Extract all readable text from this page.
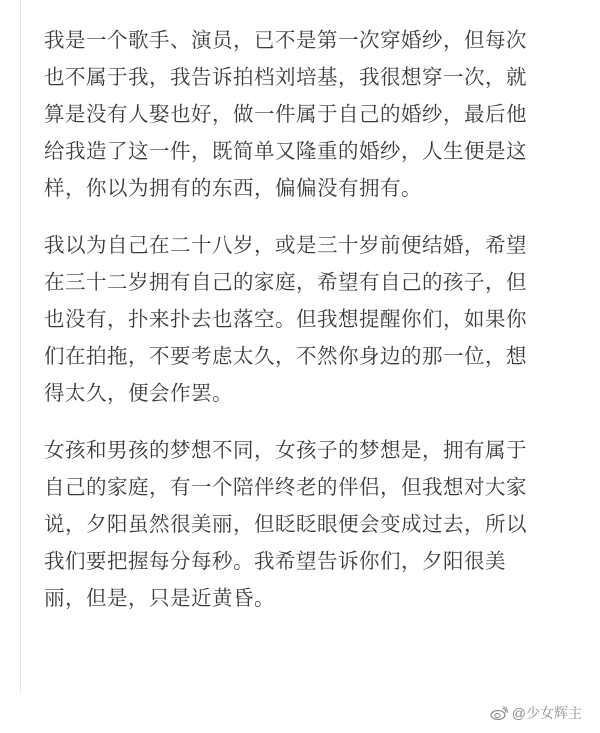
我是一个歌手、演员，已不是第一次穿婚纱，但每次
也不属于我，我告诉拍档刘培基，我很想穿一次，就
算是没有人娶也好，做一件属于自己的婚纱，最后他
给我造了这一件，既简单又隆重的婚纱，人生便是这
样，你以为拥有的东西，偏偏没有拥有。

我以为自己在二十八岁，或是三十岁前便结婚，希望
在三十二岁拥有自己的家庭，希望有自己的孩子，但
也没有，扑来扑去也落空。但我想提醒你们，如果你
们在拍拖，不要考虑太久，不然你身边的那一位，想
得太久，便会作罢。

女孩和男孩的梦想不同，女孩子的梦想是，拥有属于
自己的家庭，有一个陪伴终老的伴侣，但我想对大家
说，夕阳虽然很美丽，但眨眨眼便会变成过去，所以
我们要把握每分每秒。我希望告诉你们，夕阳很美
丽，但是，只是近黄昏。

@少女辉主
